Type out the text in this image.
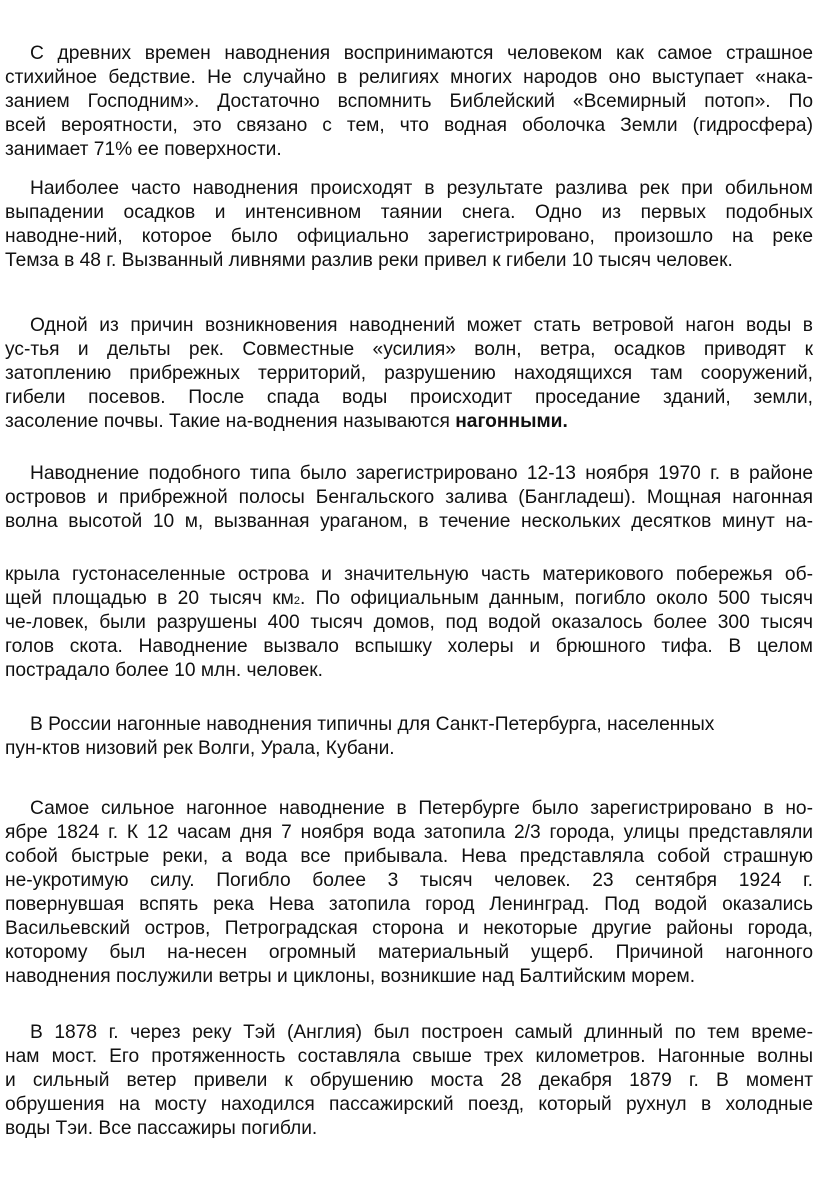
С древних времен наводнения воспринимаются человеком как самое страшное
стихийное бедствие. Не случайно в религиях многих народов оно выступает «нака-
занием Господним». Достаточно вспомнить Библейский «Всемирный потоп». По
всей вероятности, это связано с тем, что водная оболочка Земли (гидросфера)
занимает 71% ее поверхности.
Наиболее часто наводнения происходят в результате разлива рек при обильном
выпадении осадков и интенсивном таянии снега. Одно из первых подобных
наводне-ний, которое было официально зарегистрировано, произошло на реке
Темза в 48 г. Вызванный ливнями разлив реки привел к гибели 10 тысяч человек.
Одной из причин возникновения наводнений может стать ветровой нагон воды в
ус-тья и дельты рек. Совместные «усилия» волн, ветра, осадков приводят к
затоплению прибрежных территорий, разрушению находящихся там сооружений,
гибели посевов. После спада воды происходит проседание зданий, земли,
засоление почвы. Такие на-воднения называются нагонными.
Наводнение подобного типа было зарегистрировано 12-13 ноября 1970 г. в районе
островов и прибрежной полосы Бенгальского залива (Бангладеш). Мощная нагонная
волна высотой 10 м, вызванная ураганом, в течение нескольких десятков минут на-
крыла густонаселенные острова и значительную часть материкового побережья об-
щей площадью в 20 тысяч км2. По официальным данным, погибло около 500 тысяч
че-ловек, были разрушены 400 тысяч домов, под водой оказалось более 300 тысяч
голов скота. Наводнение вызвало вспышку холеры и брюшного тифа. В целом
пострадало более 10 млн. человек.
В России нагонные наводнения типичны для Санкт-Петербурга, населенных
пун-ктов низовий рек Волги, Урала, Кубани.
Самое сильное нагонное наводнение в Петербурге было зарегистрировано в но-
ябре 1824 г. К 12 часам дня 7 ноября вода затопила 2/3 города, улицы представляли
собой быстрые реки, а вода все прибывала. Нева представляла собой страшную
не-укротимую силу. Погибло более 3 тысяч человек. 23 сентября 1924 г.
повернувшая вспять река Нева затопила город Ленинград. Под водой оказались
Васильевский остров, Петроградская сторона и некоторые другие районы города,
которому был на-несен огромный материальный ущерб. Причиной нагонного
наводнения послужили ветры и циклоны, возникшие над Балтийским морем.
В 1878 г. через реку Тэй (Англия) был построен самый длинный по тем време-
нам мост. Его протяженность составляла свыше трех километров. Нагонные волны
и сильный ветер привели к обрушению моста 28 декабря 1879 г. В момент
обрушения на мосту находился пассажирский поезд, который рухнул в холодные
воды Тэи. Все пассажиры погибли.
